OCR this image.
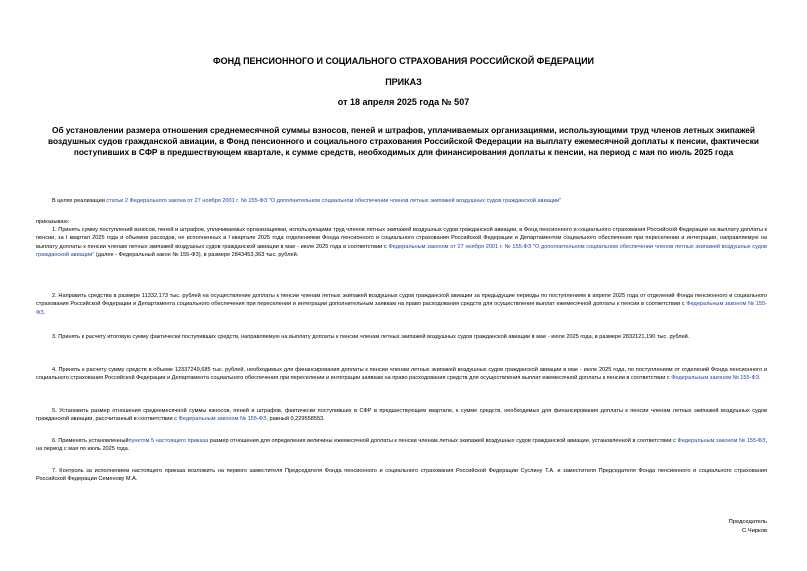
ФОНД ПЕНСИОННОГО И СОЦИАЛЬНОГО СТРАХОВАНИЯ РОССИЙСКОЙ ФЕДЕРАЦИИ
ПРИКАЗ
от 18 апреля 2025 года № 507
Об установлении размера отношения среднемесячной суммы взносов, пеней и штрафов, уплачиваемых организациями, использующими труд членов летных экипажей воздушных судов гражданской авиации, в Фонд пенсионного и социального страхования Российской Федерации на выплату ежемесячной доплаты к пенсии, фактически поступивших в СФР в предшествующем квартале, к сумме средств, необходимых для финансирования доплаты к пенсии, на период с мая по июль 2025 года

В целях реализации статьи 2 Федерального закона от 27 ноября 2001 г. № 155-ФЗ "О дополнительном социальном обеспечении членов летных экипажей воздушных судов гражданской авиации"

приказываю:

1. Принять сумму поступлений взносов, пеней и штрафов, уплачиваемых организациями, использующими труд членов летных экипажей воздушных судов гражданской авиации, в Фонд пенсионного и социального страхования Российской Федерации на выплату доплаты к пенсии, за I квартал 2025 года и объемов расходов, не исполненных в I квартале 2025 года отделениями Фонда пенсионного и социального страхования Российской Федерации и Департаментом социального обеспечения при переселении и интеграции, направляемую на выплату доплаты к пенсии членам летных экипажей воздушных судов гражданской авиации в мае - июле 2025 года в соответствии с Федеральным законом от 27 ноября 2001 г. № 155-ФЗ "О дополнительном социальном обеспечении членов летных экипажей воздушных судов гражданской авиации" (далее - Федеральный закон № 155-ФЗ), в размере 2843453,363 тыс. рублей.

2. Направить средства в размере 11332,173 тыс. рублей на осуществление доплаты к пенсии членам летных экипажей воздушных судов гражданской авиации за предыдущие периоды по поступлениям в апреле 2025 года от отделений Фонда пенсионного и социального страхования Российской Федерации и Департамента социального обеспечения при переселении и интеграции дополнительным заявкам на право расходования средств для осуществления выплат ежемесячной доплаты к пенсии в соответствии с Федеральным законом № 155-ФЗ.

3. Принять к расчету итоговую сумму фактически поступивших средств, направляемую на выплату доплаты к пенсии членам летных экипажей воздушных судов гражданской авиации в мае - июле 2025 года, в размере 2832121,190 тыс. рублей.

4. Принять к расчету сумму средств в объеме 12337249,685 тыс. рублей, необходимых для финансирования доплаты к пенсии членам летных экипажей воздушных судов гражданской авиации в мае - июле 2025 года, по поступлениям от отделений Фонда пенсионного и социального страхования Российской Федерации и Департамента социального обеспечения при переселении и интеграции заявкам на право расходования средств для осуществления выплат ежемесячной доплаты к пенсии в соответствии с Федеральным законом № 155-ФЗ.

5. Установить размер отношения среднемесячной суммы взносов, пеней и штрафов, фактически поступивших в СФР в предшествующем квартале, к сумме средств, необходимых для финансирования доплаты к пенсии членам летных экипажей воздушных судов гражданской авиации, рассчитанный в соответствии с Федеральным законом № 155-ФЗ, равный 0,229558553.

6. Применять установленныйпунктом 5 настоящего приказа размер отношения для определения величины ежемесячной доплаты к пенсии членам летных экипажей воздушных судов гражданской авиации, установленной в соответствии с Федеральным законом № 155-ФЗ, на период с мая по июль 2025 года.

7. Контроль за исполнением настоящего приказа возложить на первого заместителя Председателя Фонда пенсионного и социального страхования Российской Федерации Суслину Т.А. и заместителя Председателя Фонда пенсионного и социального страхования Российской Федерации Семенову М.А.

Председатель
С.Чирков
